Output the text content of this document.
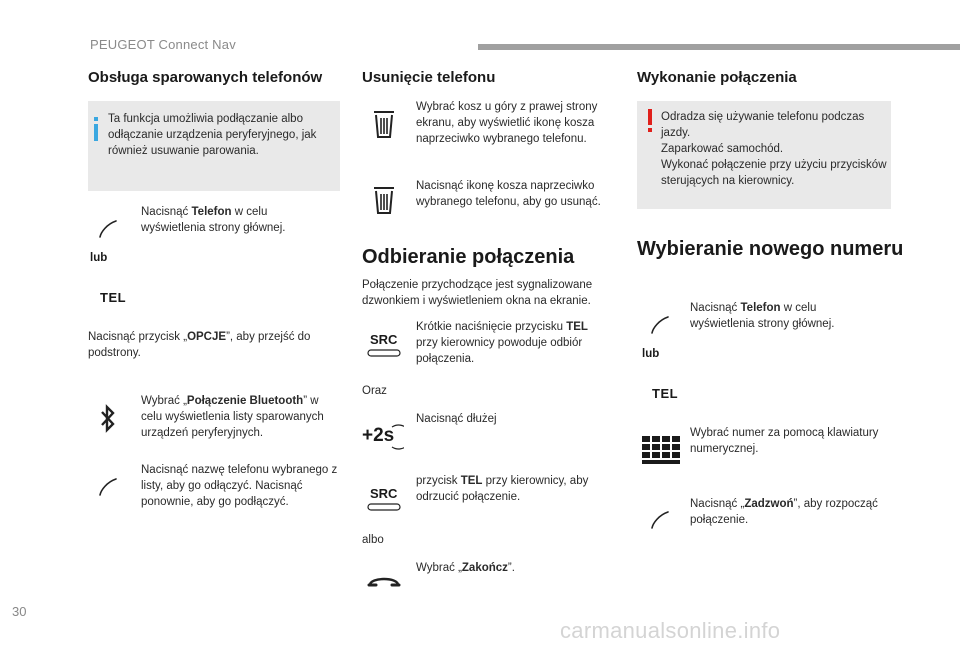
PEUGEOT Connect Nav
Obsługa sparowanych telefonów
Ta funkcja umożliwia podłączanie albo odłączanie urządzenia peryferyjnego, jak również usuwanie parowania.
Nacisnąć Telefon w celu wyświetlenia strony głównej.
lub
TEL
Nacisnąć przycisk „OPCJE”, aby przejść do podstrony.
Wybrać „Połączenie Bluetooth” w celu wyświetlenia listy sparowanych urządzeń peryferyjnych.
Nacisnąć nazwę telefonu wybranego z listy, aby go odłączyć. Nacisnąć ponownie, aby go podłączyć.
Usunięcie telefonu
Wybrać kosz u góry z prawej strony ekranu, aby wyświetlić ikonę kosza naprzeciwko wybranego telefonu.
Nacisnąć ikonę kosza naprzeciwko wybranego telefonu, aby go usunąć.
Odbieranie połączenia
Połączenie przychodzące jest sygnalizowane dzwonkiem i wyświetleniem okna na ekranie.
SRC
Krótkie naciśnięcie przycisku TEL przy kierownicy powoduje odbiór połączenia.
Oraz
+2s
Nacisnąć dłużej
SRC
przycisk TEL przy kierownicy, aby odrzucić połączenie.
albo
Wybrać „Zakończ”.
Wykonanie połączenia
Odradza się używanie telefonu podczas jazdy.
Zaparkować samochód.
Wykonać połączenie przy użyciu przycisków sterujących na kierownicy.
Wybieranie nowego numeru
Nacisnąć Telefon w celu wyświetlenia strony głównej.
lub
TEL
Wybrać numer za pomocą klawiatury numerycznej.
Nacisnąć „Zadzwoń”, aby rozpocząć połączenie.
30
carmanualsonline.info
